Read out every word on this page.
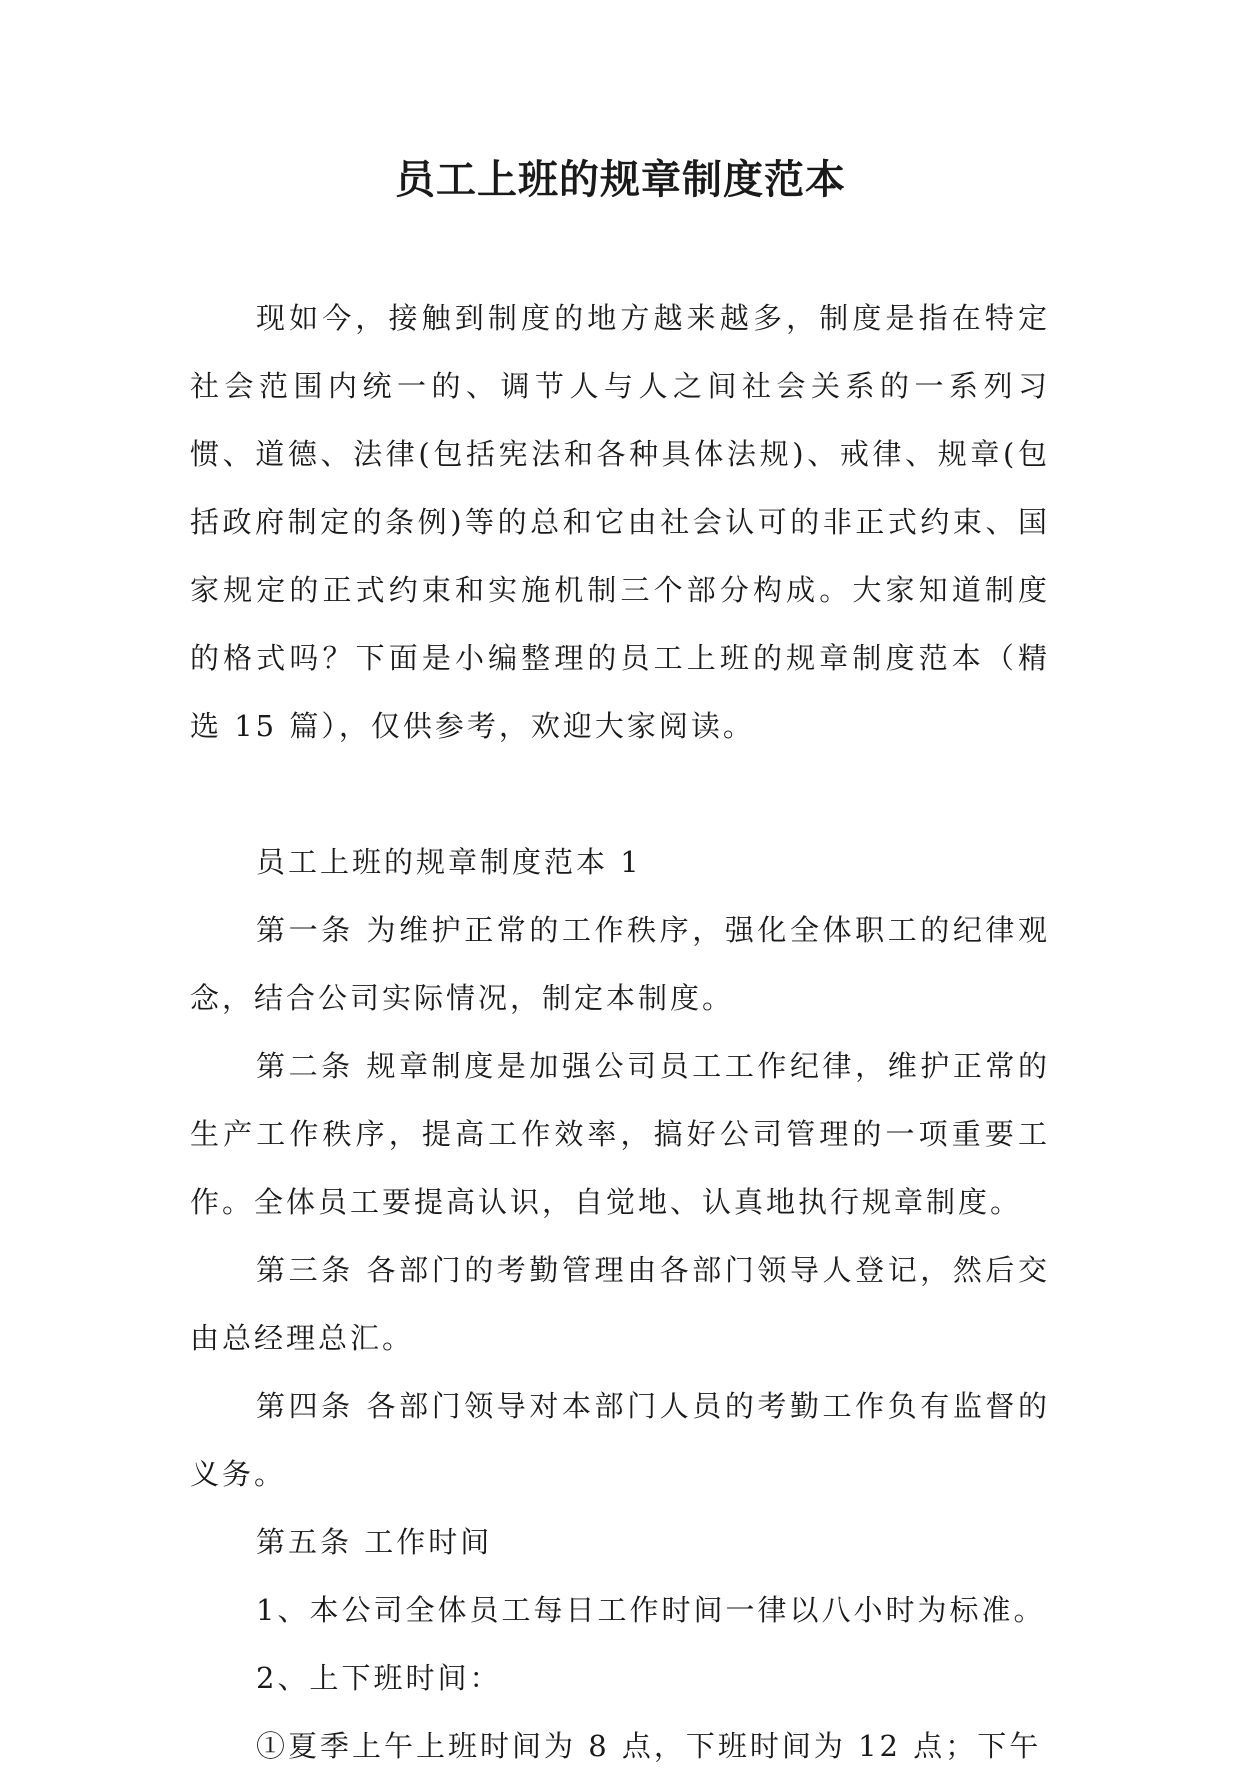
员工上班的规章制度范本

现如今，接触到制度的地方越来越多，制度是指在特定社会范围内统一的、调节人与人之间社会关系的一系列习惯、道德、法律(包括宪法和各种具体法规)、戒律、规章(包括政府制定的条例)等的总和它由社会认可的非正式约束、国家规定的正式约束和实施机制三个部分构成。大家知道制度的格式吗？下面是小编整理的员工上班的规章制度范本（精选 15 篇），仅供参考，欢迎大家阅读。

员工上班的规章制度范本 1

第一条 为维护正常的工作秩序，强化全体职工的纪律观念，结合公司实际情况，制定本制度。

第二条 规章制度是加强公司员工工作纪律，维护正常的生产工作秩序，提高工作效率，搞好公司管理的一项重要工作。全体员工要提高认识，自觉地、认真地执行规章制度。

第三条 各部门的考勤管理由各部门领导人登记，然后交由总经理总汇。

第四条 各部门领导对本部门人员的考勤工作负有监督的义务。

第五条 工作时间

1、本公司全体员工每日工作时间一律以八小时为标准。

2、上下班时间：

①夏季上午上班时间为 8 点，下班时间为 12 点；下午
